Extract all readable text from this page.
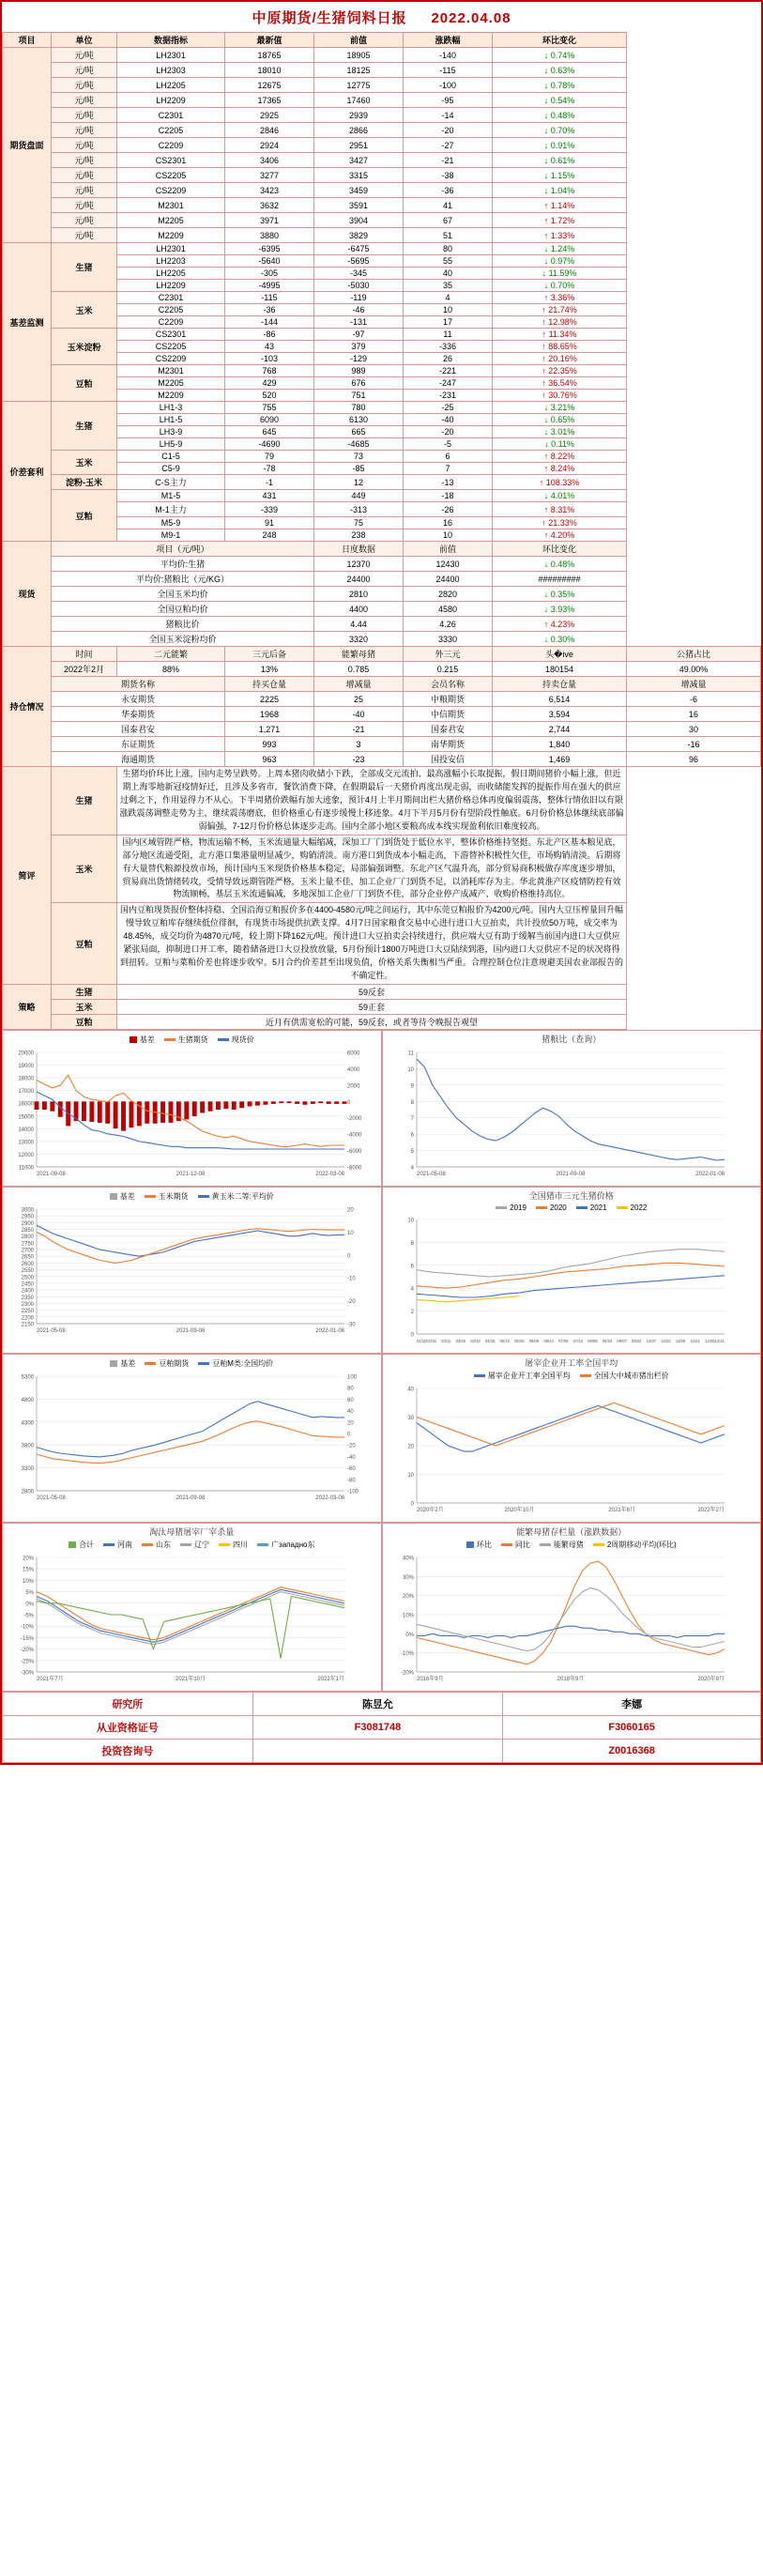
中原期货/生猪饲料日报 2022.04.08
项目	单位	数据指标	最新值	前值	涨跌幅	环比变化	
期货盘面	元/吨	LH2301	18765	18905	-140	↓ 0.74%	
	元/吨	LH2303	18010	18125	-115	↓ 0.63%	
	元/吨	LH2205	12675	12775	-100	↓ 0.78%	
	元/吨	LH2209	17365	17460	-95	↓ 0.54%	
	元/吨	C2301	2925	2939	-14	↓ 0.48%	
	元/吨	C2205	2846	2866	-20	↓ 0.70%	
	元/吨	C2209	2924	2951	-27	↓ 0.91%	
	元/吨	CS2301	3406	3427	-21	↓ 0.61%	
	元/吨	CS2205	3277	3315	-38	↓ 1.15%	
	元/吨	CS2209	3423	3459	-36	↓ 1.04%	
	元/吨	M2301	3632	3591	41	↑ 1.14%	
	元/吨	M2205	3971	3904	67	↑ 1.72%	
	元/吨	M2209	3880	3829	51	↑ 1.33%	
基差监测	生猪	LH2301	-6395	-6475	80	↓ 1.24%	
		LH2203	-5640	-5695	55	↓ 0.97%	
		LH2205	-305	-345	40	↓ 11.59%	
		LH2209	-4995	-5030	35	↓ 0.70%	
	玉米	C2301	-115	-119	4	↑ 3.36%	
		C2205	-36	-46	10	↑ 21.74%	
		C2209	-144	-131	17	↑ 12.98%	
	玉米淀粉	CS2301	-86	-97	11	↑ 11.34%	
		CS2205	43	379	-336	↑ 88.65%	
		CS2209	-103	-129	26	↑ 20.16%	
	豆粕	M2301	768	989	-221	↑ 22.35%	
		M2205	429	676	-247	↑ 36.54%	
		M2209	520	751	-231	↑ 30.76%	
价差套利	生猪	LH1-3	755	780	-25	↓ 3.21%	
		LH1-5	6090	6130	-40	↓ 0.65%	
		LH3-9	645	665	-20	↓ 3.01%	
		LH5-9	-4690	-4685	-5	↓ 0.11%	
	玉米	C1-5	79	73	6	↑ 8.22%	
		C5-9	-78	-85	7	↑ 8.24%	
	淀粉-玉米	C-S主力	-1	12	-13	↑ 108.33%	
	豆粕	M1-5	431	449	-18	↓ 4.01%	
		M-1主力	-339	-313	-26	↑ 8.31%	
		M5-9	91	75	16	↑ 21.33%	
		M9-1	248	238	10	↑ 4.20%	
现货	项目（元/吨）			日度数据	前值	环比变化	
	平均价:生猪			12370	12430	↓ 0.48%	
	平均价:猪粮比（元/KG）			24400	24400	#########	
	全国玉米均价			2810	2820	↓ 0.35%	
	全国豆粕均价			4400	4580	↓ 3.93%	
	猪粮比价			4.44	4.26	↑ 4.23%	
	全国玉米淀粉均价			3320	3330	↓ 0.30%	
持仓情况	时间	二元能繁	三元后备	能繁母猪	外三元	头�ive	公猪占比
	2022年2月	88%	13%	0.785	0.215	180154	49.00%
	期货名称		持买仓量	增减量	会员名称	持卖仓量	增减量
	永安期货		2225	25	中粮期货	6,514	-6
	华泰期货		1968	-40	中信期货	3,594	16
	国泰君安		1,271	-21	国泰君安	2,744	30
	东证期货		993	3	南华期货	1,840	-16
	海通期货		963	-23	国投安信	1,469	96
简评	生猪	生猪均价环比上涨，国内走势呈跌势。上周本猪肉收储小下跌，全部成交元流拍、最高涨幅小长取提振，假日期间猪价小幅上涨，但近期上海零地新冠疫情好迁，且涉及多省市，餐饮消费下降，在假期最后一天猪价再度出现走弱，而收储能发挥的提振作用在强大的供应过剩之下，作用显得力不从心。下半周猪价跌幅有加大迹象，预计4月上半月期间出栏大猪价格总体再度偏弱震荡，整体行情依旧以有限涨跌震荡调整走势为主，继续震荡磨底，但价格重心有逐步缓慢上移迹象。4月下半月5月份有望阶段性触底。6月份价格总体继续底部偏弱偏强，7-12月份价格总体逐步走高。国内全部小地区要粮高成本线实现盈利依旧难度较高。					
	玉米	国内区域管陛严格，物流运输不畅，玉米流通量大幅缩减，深加工厂门到货处于低位水平，整体价格维持坚挺。东北产区基本粮见底，部分地区流通受阻，北方港口集港量明显减少，购销清淡。南方港口到货成本小幅走高，下游替补积极性欠佳，市场购销清淡。后期将有大量替代粮源投放市场，预计国内玉米现货价格基本稳定，局部偏强调整。东北产区气温升高，部分贸易商积极做存库度逐步增加，贸易商出货情绪转攻，受情导致远期管陛严格，玉米上量不佳，加工企业厂门到货不足，以消耗库存为主。华北黄淮产区疫情防控有效物流顺畅，基层玉米流通偏减，多地深加工企业厂门到货不佳，部分企业停产成减产、收购价格维持高位。					
	豆粕	国内豆粕现货报价整体持稳、全国沿海豆粕报价多在4400-4580元/吨之间运行，其中东莞豆粕报价为4200元/吨。国内大豆压榨量回升幅慢导致豆粕库存继续低位徘徊，有现货市场提供抗跌支撑。4月7日国家粮食交易中心进行进口大豆拍卖，共计投放50万吨，成交率为48.45%，成交均价为4870元/吨，较上期下降162元/吨。预计进口大豆拍卖会持续进行，供应端大豆有助于缓解当前国内进口大豆供应紧张局面，抑制进口开工率，随着储备进口大豆投放放量，5月份预计1800万吨进口大豆陆续到港，国内进口大豆供应不足的状况将得到扭转。豆粕与菜粕价差也将逐步收窄。5月合约价差甚至出现负值，价格关系失衡相当严重。合理控制仓位注意规避美国农业部报告的不确定性。					
策略	生猪	59反套					
	玉米	59正套					
	豆粕	近月有供需宽松的可能，59反套，或者等待令晚报告观望					
基差	生猪期货	现货价
11000
12000
13000
14000
15000
16000
17000
18000
19000
20000
-8000
-6000
-4000
-2000
0
2000
4000
6000
2021-09-08	2021-12-08	2022-03-08
猪粮比（查询）
4
5
6
7
8
9
10
11
2021-05-08	2021-09-08	2022-01-08
基差	玉米期货	黄玉米二等:平均价
2150
2200
2250
2300
2350
2400
2450
2500
2550
2600
2650
2700
2750
2800
2850
2900
2950
3000
-30
-20
-10
0
10
20
2021-05-08	2021-09-08	2022-01-08
全国猪市三元生猪价格
2019	2020	2021	2022
0
2
4
6
8
10
01/10 02/25 03/11 03/26 04/10 04/25 05/10 05/25 06/09 06/24 07/09 07/24 08/08 08/23 09/07 09/22 10/07 10/22 11/06 11/21 12/06 12/21
基差	豆粕期货	豆粕M类:全国均价
2800
3300
3800
4300
4800
5300
-100
-80
-60
-40
-20
0
20
40
60
80
100
2021-05-08	2021-09-08	2022-03-08
屠宰企业开工率全国平均
屠宰企业开工率全国平均	全国大中城市猪出栏价
0
10
20
30
40
2020年2月	2020年10月	2021年6月	2022年2月
淘汰母猪屠宰厂宰杀量
合计	河南	山东	辽宁	四川	广западно东
-30%
-25%
-20%
-15%
-10%
-5%
0%
5%
10%
15%
20%
2021年7月	2021年10月	2022年1月
能繁母猪存栏量（涨跌数据）
环比	同比	能繁母猪	2周期移动平均(环比)
-20%
-10%
0%
10%
20%
30%
40%
2016年9月	2018年9月	2020年9月
研究所	陈昱允	李娜
从业资格证号	F3081748	F3060165
投资咨询号		Z0016368
